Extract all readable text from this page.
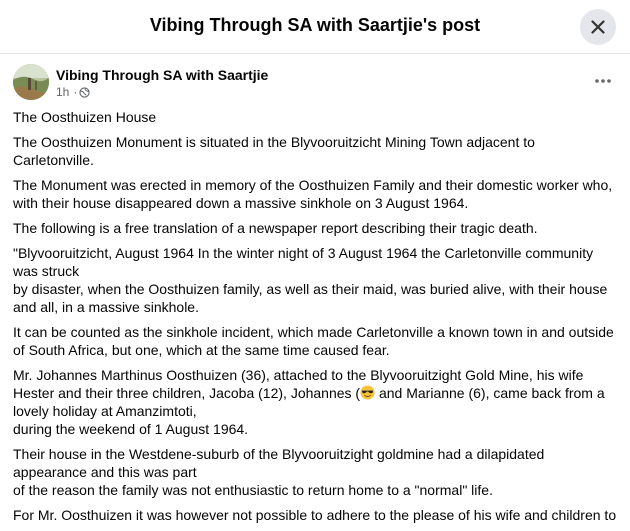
Vibing Through SA with Saartjie's post
Vibing Through SA with Saartjie
1h ·

The Oosthuizen House

The Oosthuizen Monument is situated in the Blyvooruitzicht Mining Town adjacent to Carletonville.

The Monument was erected in memory of the Oosthuizen Family and their domestic worker who, with their house disappeared down a massive sinkhole on 3 August 1964.

The following is a free translation of a newspaper report describing their tragic death.

"Blyvooruitzicht, August 1964 In the winter night of 3 August 1964 the Carletonville community was struck
by disaster, when the Oosthuizen family, as well as their maid, was buried alive, with their house and all, in a massive sinkhole.

It can be counted as the sinkhole incident, which made Carletonville a known town in and outside of South Africa, but one, which at the same time caused fear.

Mr. Johannes Marthinus Oosthuizen (36), attached to the Blyvooruitzight Gold Mine, his wife Hester and their three children, Jacoba (12), Johannes ( and Marianne (6), came back from a lovely holiday at Amanzimtoti,
during the weekend of 1 August 1964.

Their house in the Westdene-suburb of the Blyvooruitzight goldmine had a dilapidated appearance and this was part
of the reason the family was not enthusiastic to return home to a "normal" life.

For Mr. Oosthuizen it was however not possible to adhere to the please of his wife and children to
